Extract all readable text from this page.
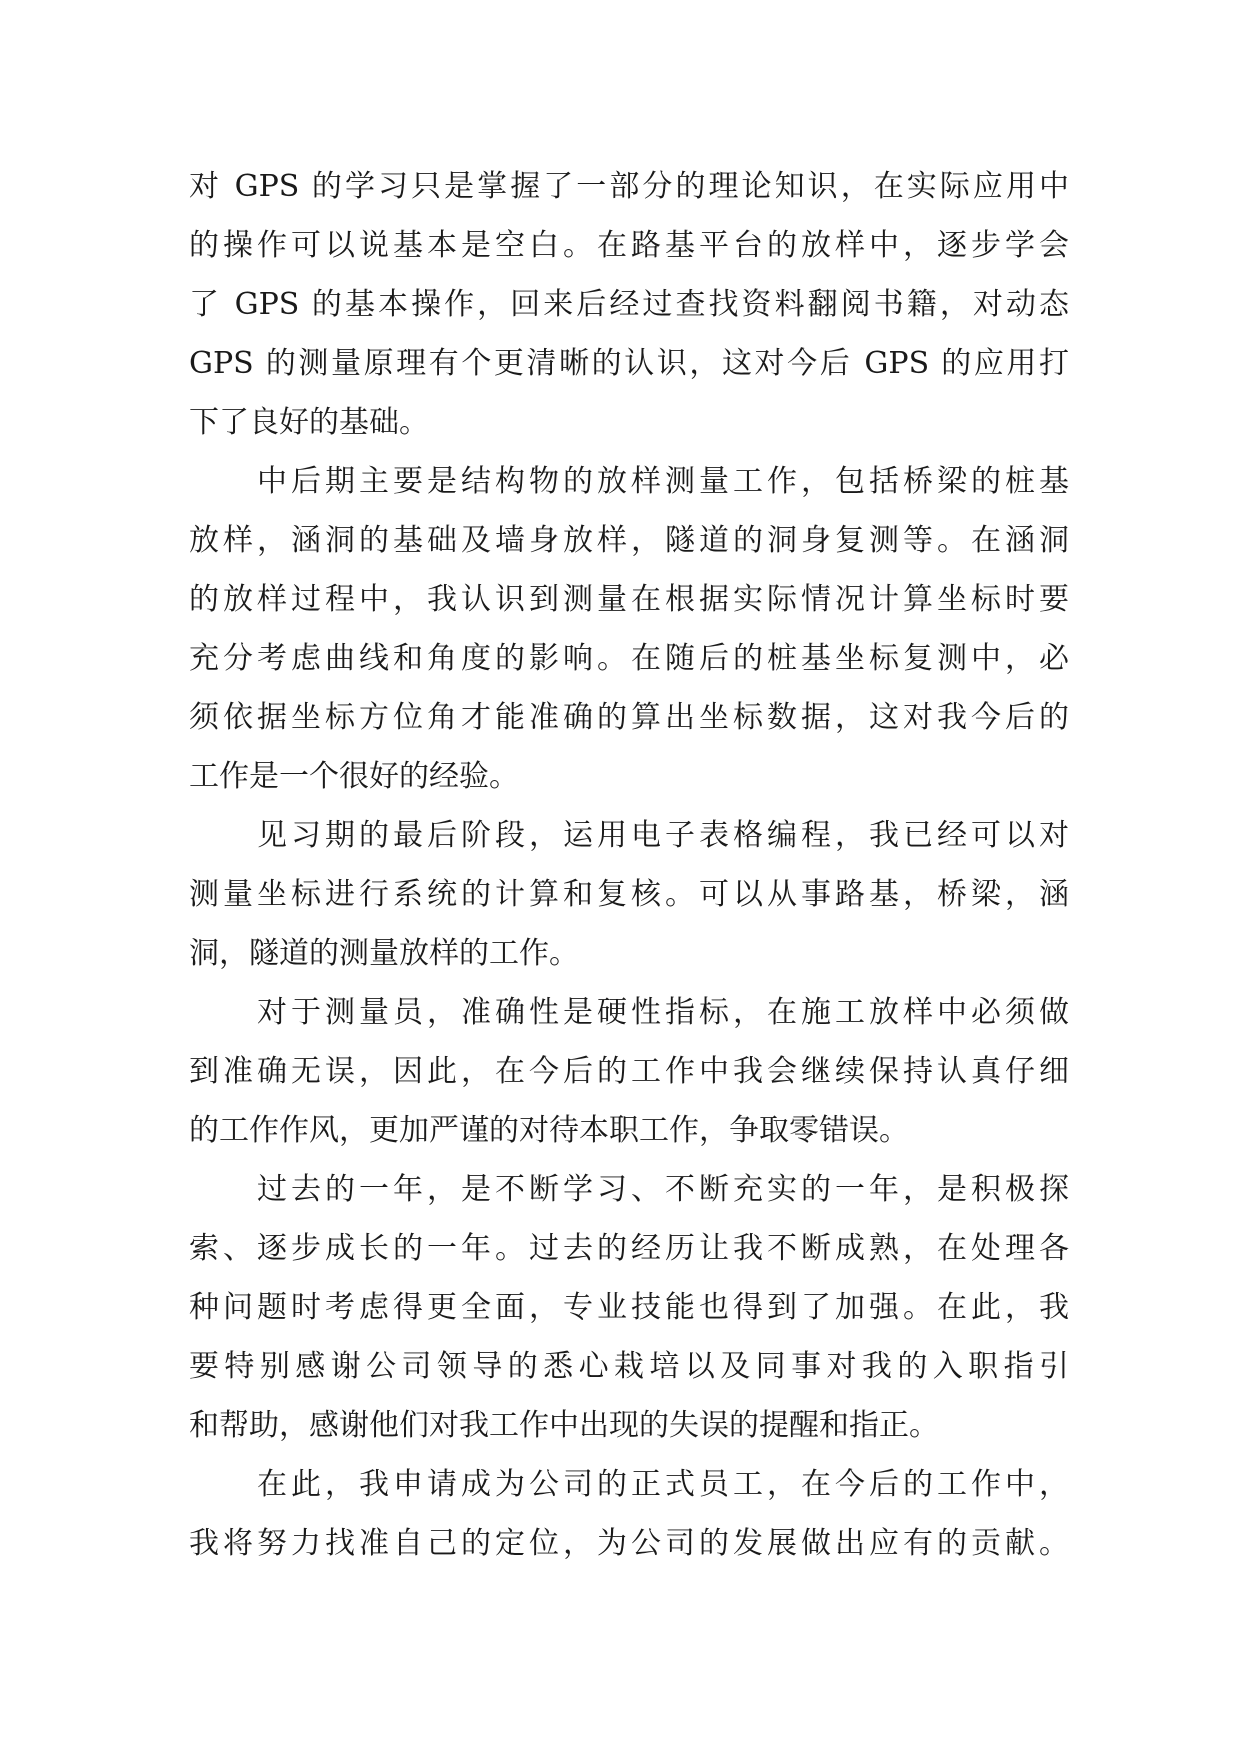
对 GPS 的学习只是掌握了一部分的理论知识，在实际应用中
的操作可以说基本是空白。在路基平台的放样中，逐步学会
了 GPS 的基本操作，回来后经过查找资料翻阅书籍，对动态
GPS 的测量原理有个更清晰的认识，这对今后 GPS 的应用打
下了良好的基础。
中后期主要是结构物的放样测量工作，包括桥梁的桩基
放样，涵洞的基础及墙身放样，隧道的洞身复测等。在涵洞
的放样过程中，我认识到测量在根据实际情况计算坐标时要
充分考虑曲线和角度的影响。在随后的桩基坐标复测中，必
须依据坐标方位角才能准确的算出坐标数据，这对我今后的
工作是一个很好的经验。
见习期的最后阶段，运用电子表格编程，我已经可以对
测量坐标进行系统的计算和复核。可以从事路基，桥梁，涵
洞，隧道的测量放样的工作。
对于测量员，准确性是硬性指标，在施工放样中必须做
到准确无误，因此，在今后的工作中我会继续保持认真仔细
的工作作风，更加严谨的对待本职工作，争取零错误。
过去的一年，是不断学习、不断充实的一年，是积极探
索、逐步成长的一年。过去的经历让我不断成熟，在处理各
种问题时考虑得更全面，专业技能也得到了加强。在此，我
要特别感谢公司领导的悉心栽培以及同事对我的入职指引
和帮助，感谢他们对我工作中出现的失误的提醒和指正。
在此，我申请成为公司的正式员工，在今后的工作中，
我将努力找准自己的定位，为公司的发展做出应有的贡献。
